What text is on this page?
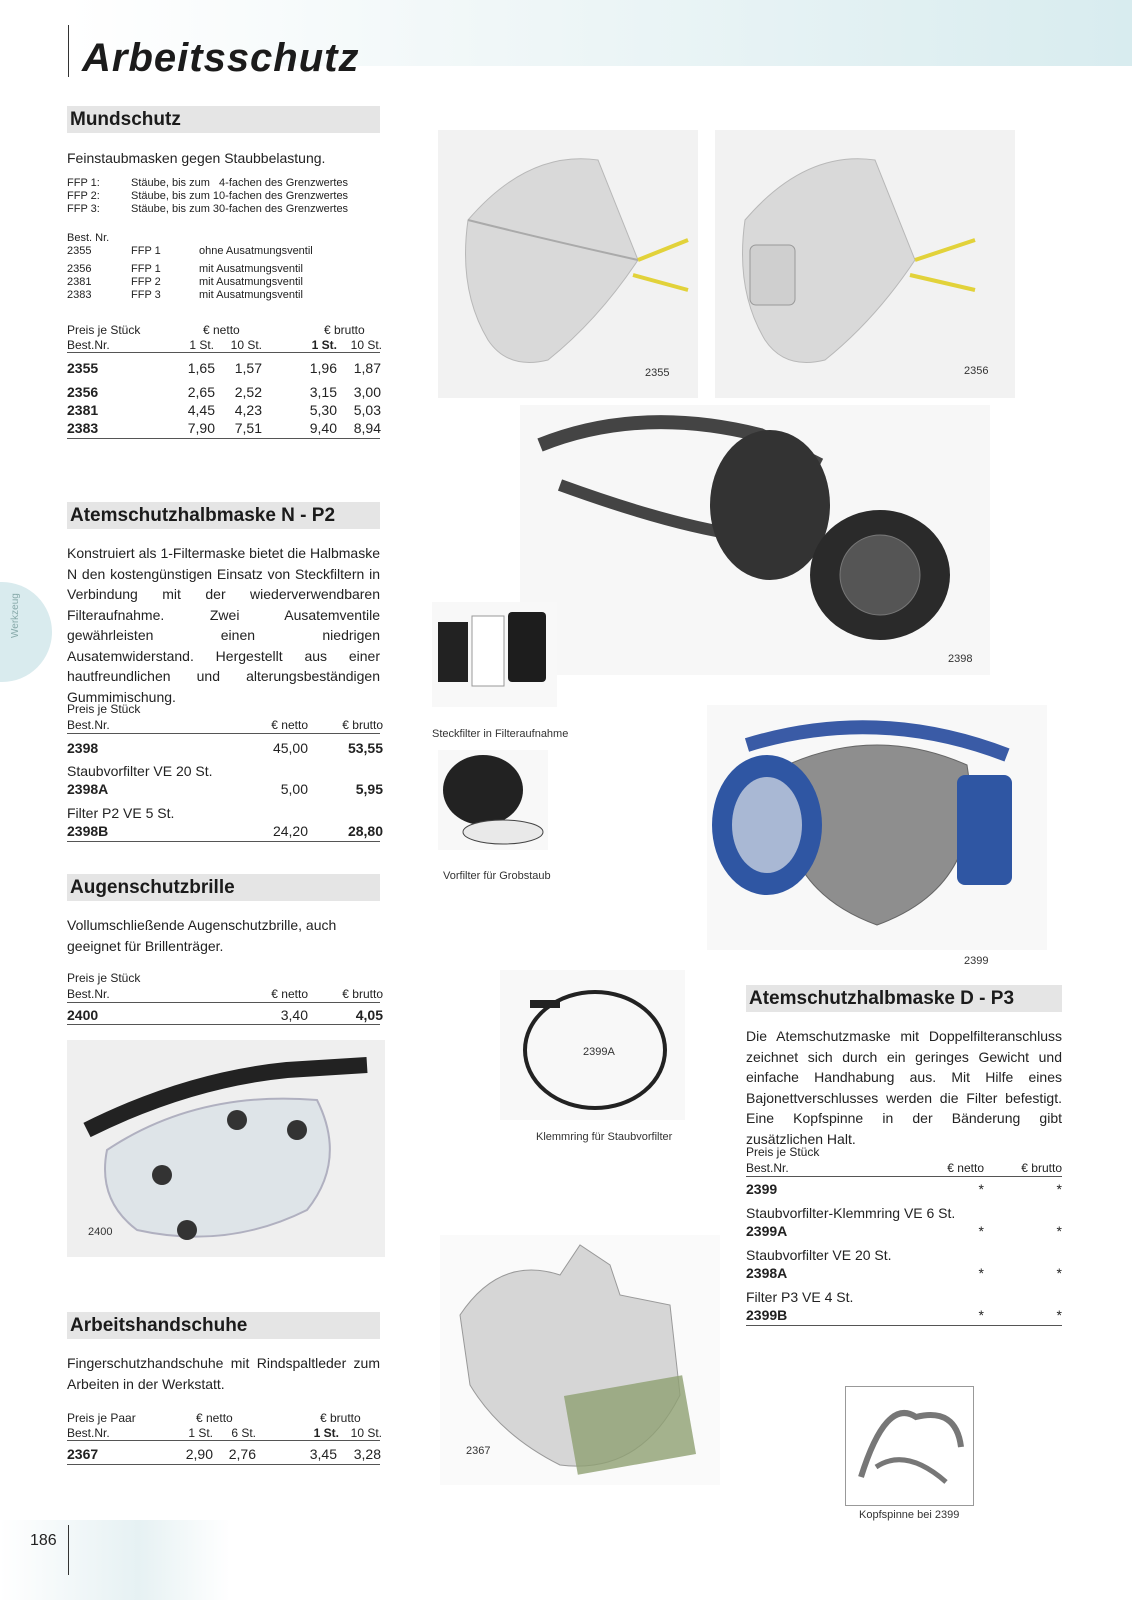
Arbeitsschutz
Werkzeug
Mundschutz
Feinstaubmasken gegen Staubbelastung.
FFP 1:	Stäube, bis zum   4-fachen des Grenzwertes
FFP 2:	Stäube, bis zum 10-fachen des Grenzwertes
FFP 3:	Stäube, bis zum 30-fachen des Grenzwertes
Best. Nr.
2355	FFP 1	ohne Ausatmungsventil
2356	FFP 1	mit Ausatmungsventil
2381	FFP 2	mit Ausatmungsventil
2383	FFP 3	mit Ausatmungsventil
Preis je Stück	€ netto	€ brutto
Best.Nr.	1 St.	10 St.	1 St.	10 St.
2355	1,65	1,57	1,96	1,87
2356	2,65	2,52	3,15	3,00
2381	4,45	4,23	5,30	5,03
2383	7,90	7,51	9,40	8,94
2355	2356
Atemschutzhalbmaske N - P2
Konstruiert als 1-Filtermaske bietet die Halbmaske N den kostengünstigen Einsatz von Steckfiltern in Verbindung mit der wiederverwendbaren Filteraufnahme. Zwei Ausatemventile gewährleisten einen niedrigen Ausatemwiderstand. Hergestellt aus einer hautfreundlichen und alterungsbeständigen Gummimischung.
Preis je Stück
Best.Nr.	€ netto	€ brutto
2398	45,00	53,55
Staubvorfilter VE 20 St.
2398A	5,00	5,95
Filter P2 VE 5 St.
2398B	24,20	28,80
2398
Steckfilter in Filteraufnahme
Vorfilter für Grobstaub
Augenschutzbrille
Vollumschließende Augenschutzbrille, auch geeignet für Brillenträger.
Preis je Stück
Best.Nr.	€ netto	€ brutto
2400	3,40	4,05
2400
Arbeitshandschuhe
Fingerschutzhandschuhe mit Rindspaltleder zum Arbeiten in der Werkstatt.
Preis je Paar	€ netto	€ brutto
Best.Nr.	1 St.	6 St.	1 St. 10 St.
2367	2,90	2,76	3,45	3,28	2367
2399
Atemschutzhalbmaske D - P3
Die Atemschutzmaske mit Doppelfilteranschluss zeichnet sich durch ein geringes Gewicht und einfache Handhabung aus. Mit Hilfe eines Bajonettverschlusses werden die Filter befestigt. Eine Kopfspinne in der Bänderung gibt zusätzlichen Halt.
Preis je Stück
Best.Nr.	€ netto	€ brutto
2399	*	*
Staubvorfilter-Klemmring VE 6 St.
2399A	*	*
Staubvorfilter VE 20 St.
2398A	*	*
Filter P3 VE 4 St.
2399B	*	*
2399A
Klemmring für Staubvorfilter
Kopfspinne bei 2399
186
